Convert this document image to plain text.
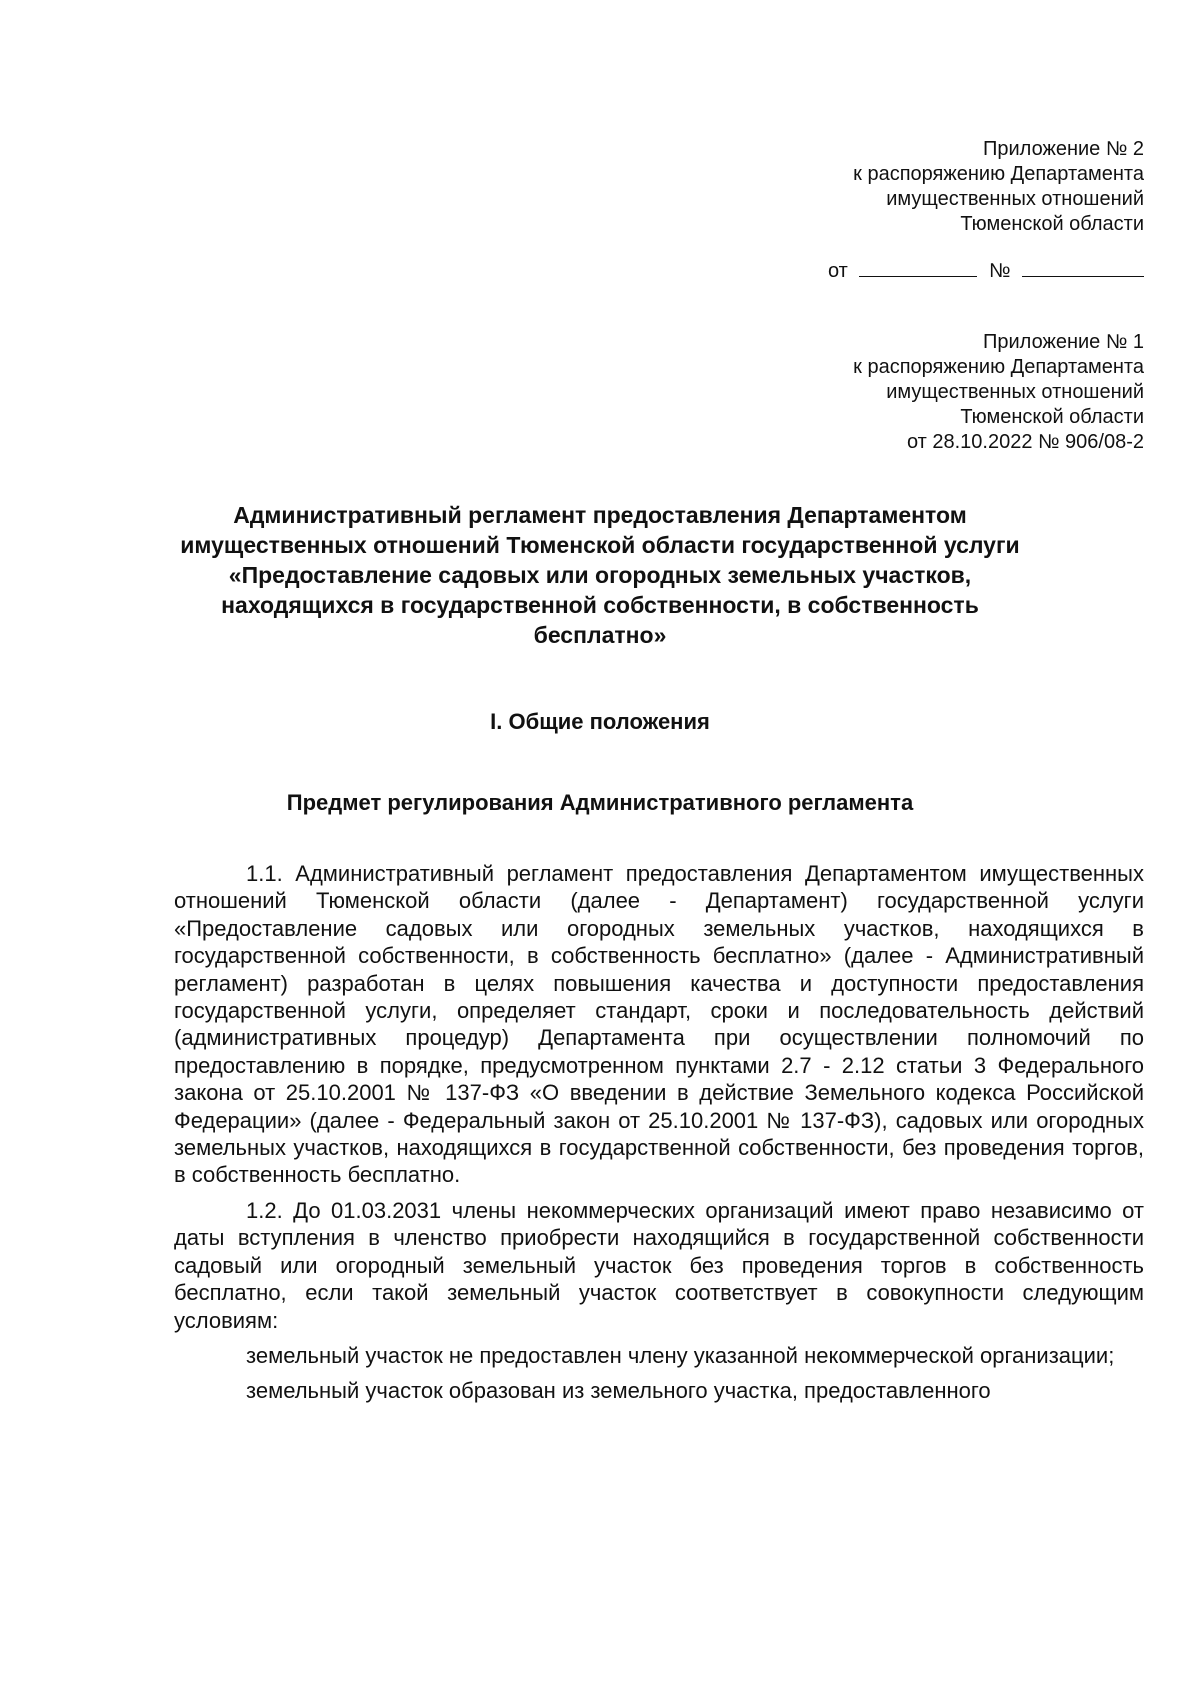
Приложение № 2
к распоряжению Департамента
имущественных отношений
Тюменской области
от	№
Приложение № 1
к распоряжению Департамента
имущественных отношений
Тюменской области
от 28.10.2022 № 906/08-2
Административный регламент предоставления Департаментом
имущественных отношений Тюменской области государственной услуги
«Предоставление садовых или огородных земельных участков,
находящихся в государственной собственности, в собственность
бесплатно»
I. Общие положения
Предмет регулирования Административного регламента

1.1. Административный регламент предоставления Департаментом имущественных отношений Тюменской области (далее - Департамент) государственной услуги «Предоставление садовых или огородных земельных участков, находящихся в государственной собственности, в собственность бесплатно» (далее - Административный регламент) разработан в целях повышения качества и доступности предоставления государственной услуги, определяет стандарт, сроки и последовательность действий (административных процедур) Департамента при осуществлении полномочий по предоставлению в порядке, предусмотренном пунктами 2.7 - 2.12 статьи 3 Федерального закона от 25.10.2001 № 137-ФЗ «О введении в действие Земельного кодекса Российской Федерации» (далее - Федеральный закон от 25.10.2001 № 137-ФЗ), садовых или огородных земельных участков, находящихся в государственной собственности, без проведения торгов, в собственность бесплатно.

1.2. До 01.03.2031 члены некоммерческих организаций имеют право независимо от даты вступления в членство приобрести находящийся в государственной собственности садовый или огородный земельный участок без проведения торгов в собственность бесплатно, если такой земельный участок соответствует в совокупности следующим условиям:

земельный участок не предоставлен члену указанной некоммерческой организации;

земельный участок образован из земельного участка, предоставленного
